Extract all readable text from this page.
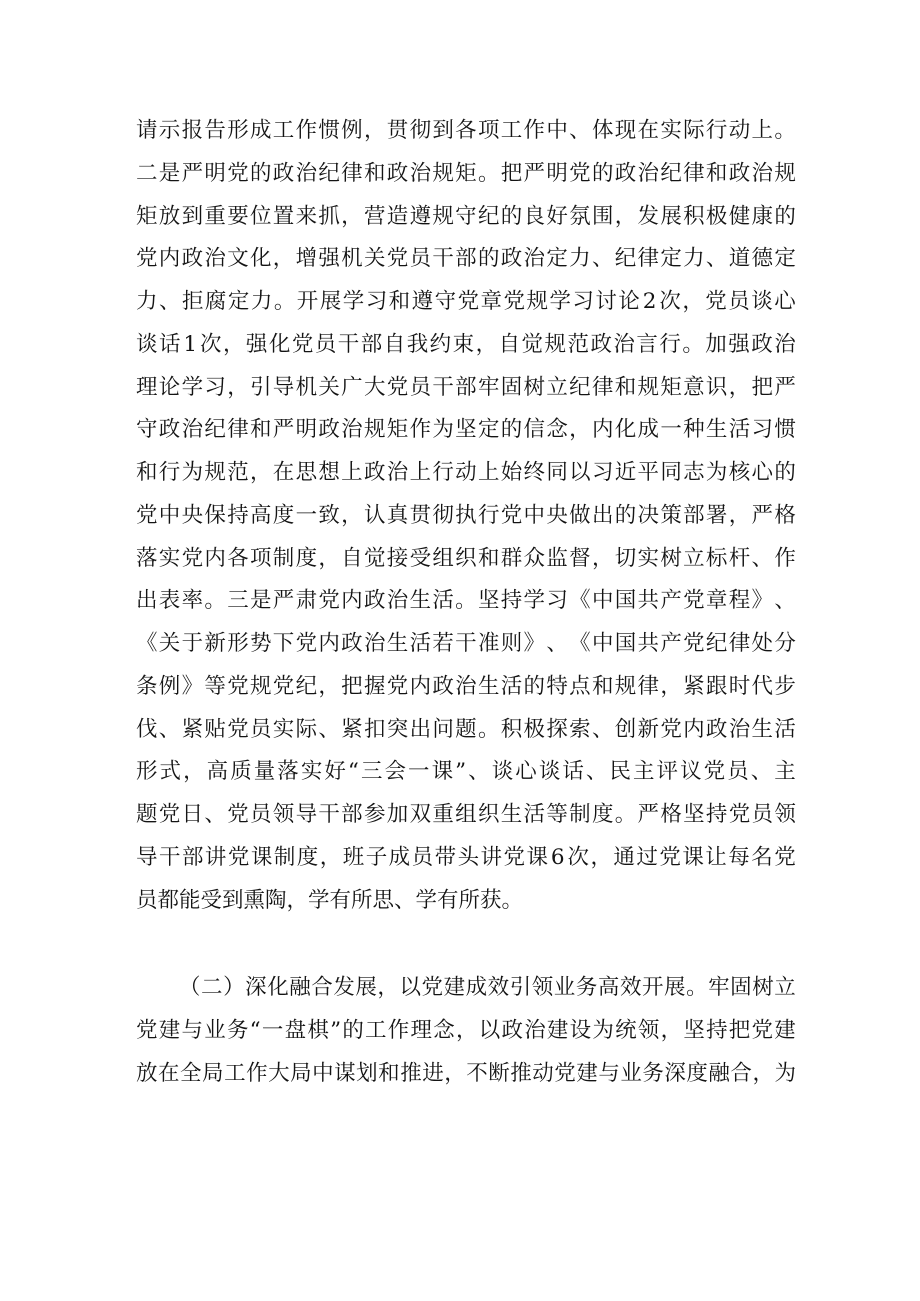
请 示 报 告 形 成 工 作 惯 例 ， 贯 彻 到 各 项 工 作 中 、 体 现 在 实 际 行 动 上 。
二 是 严 明 党 的 政 治 纪 律 和 政 治 规 矩 。 把 严 明 党 的 政 治 纪 律 和 政 治 规
矩 放 到 重 要 位 置 来 抓 ， 营 造 遵 规 守 纪 的 良 好 氛 围 ， 发 展 积 极 健 康 的
党 内 政 治 文 化 ， 增 强 机 关 党 员 干 部 的 政 治 定 力 、 纪 律 定 力 、 道 德 定
力 、 拒 腐 定 力 。 开 展 学 习 和 遵 守 党 章 党 规 学 习 讨 论 2 次 ， 党 员 谈 心
谈 话 1 次 ， 强 化 党 员 干 部 自 我 约 束 ， 自 觉 规 范 政 治 言 行 。 加 强 政 治
理 论 学 习 ， 引 导 机 关 广 大 党 员 干 部 牢 固 树 立 纪 律 和 规 矩 意 识 ， 把 严
守 政 治 纪 律 和 严 明 政 治 规 矩 作 为 坚 定 的 信 念 ， 内 化 成 一 种 生 活 习 惯
和 行 为 规 范 ， 在 思 想 上 政 治 上 行 动 上 始 终 同 以 习 近 平 同 志 为 核 心 的
党 中 央 保 持 高 度 一 致 ， 认 真 贯 彻 执 行 党 中 央 做 出 的 决 策 部 署 ， 严 格
落 实 党 内 各 项 制 度 ， 自 觉 接 受 组 织 和 群 众 监 督 ， 切 实 树 立 标 杆 、 作
出 表 率 。 三 是 严 肃 党 内 政 治 生 活 。 坚 持 学 习 《 中 国 共 产 党 章 程 》 、
《 关 于 新 形 势 下 党 内 政 治 生 活 若 干 准 则 》 、 《 中 国 共 产 党 纪 律 处 分
条 例 》 等 党 规 党 纪 ， 把 握 党 内 政 治 生 活 的 特 点 和 规 律 ， 紧 跟 时 代 步
伐 、 紧 贴 党 员 实 际 、 紧 扣 突 出 问 题 。 积 极 探 索 、 创 新 党 内 政 治 生 活
形 式 ， 高 质 量 落 实 好 “ 三 会 一 课 ” 、 谈 心 谈 话 、 民 主 评 议 党 员 、 主
题 党 日 、 党 员 领 导 干 部 参 加 双 重 组 织 生 活 等 制 度 。 严 格 坚 持 党 员 领
导 干 部 讲 党 课 制 度 ， 班 子 成 员 带 头 讲 党 课 6 次 ， 通 过 党 课 让 每 名 党
员都能受到熏陶，学有所思、学有所获。
（ 二 ） 深 化 融 合 发 展 ， 以 党 建 成 效 引 领 业 务 高 效 开 展 。 牢 固 树 立
党 建 与 业 务 “ 一 盘 棋 ” 的 工 作 理 念 ， 以 政 治 建 设 为 统 领 ， 坚 持 把 党 建
放 在 全 局 工 作 大 局 中 谋 划 和 推 进 ， 不 断 推 动 党 建 与 业 务 深 度 融 合 ， 为
